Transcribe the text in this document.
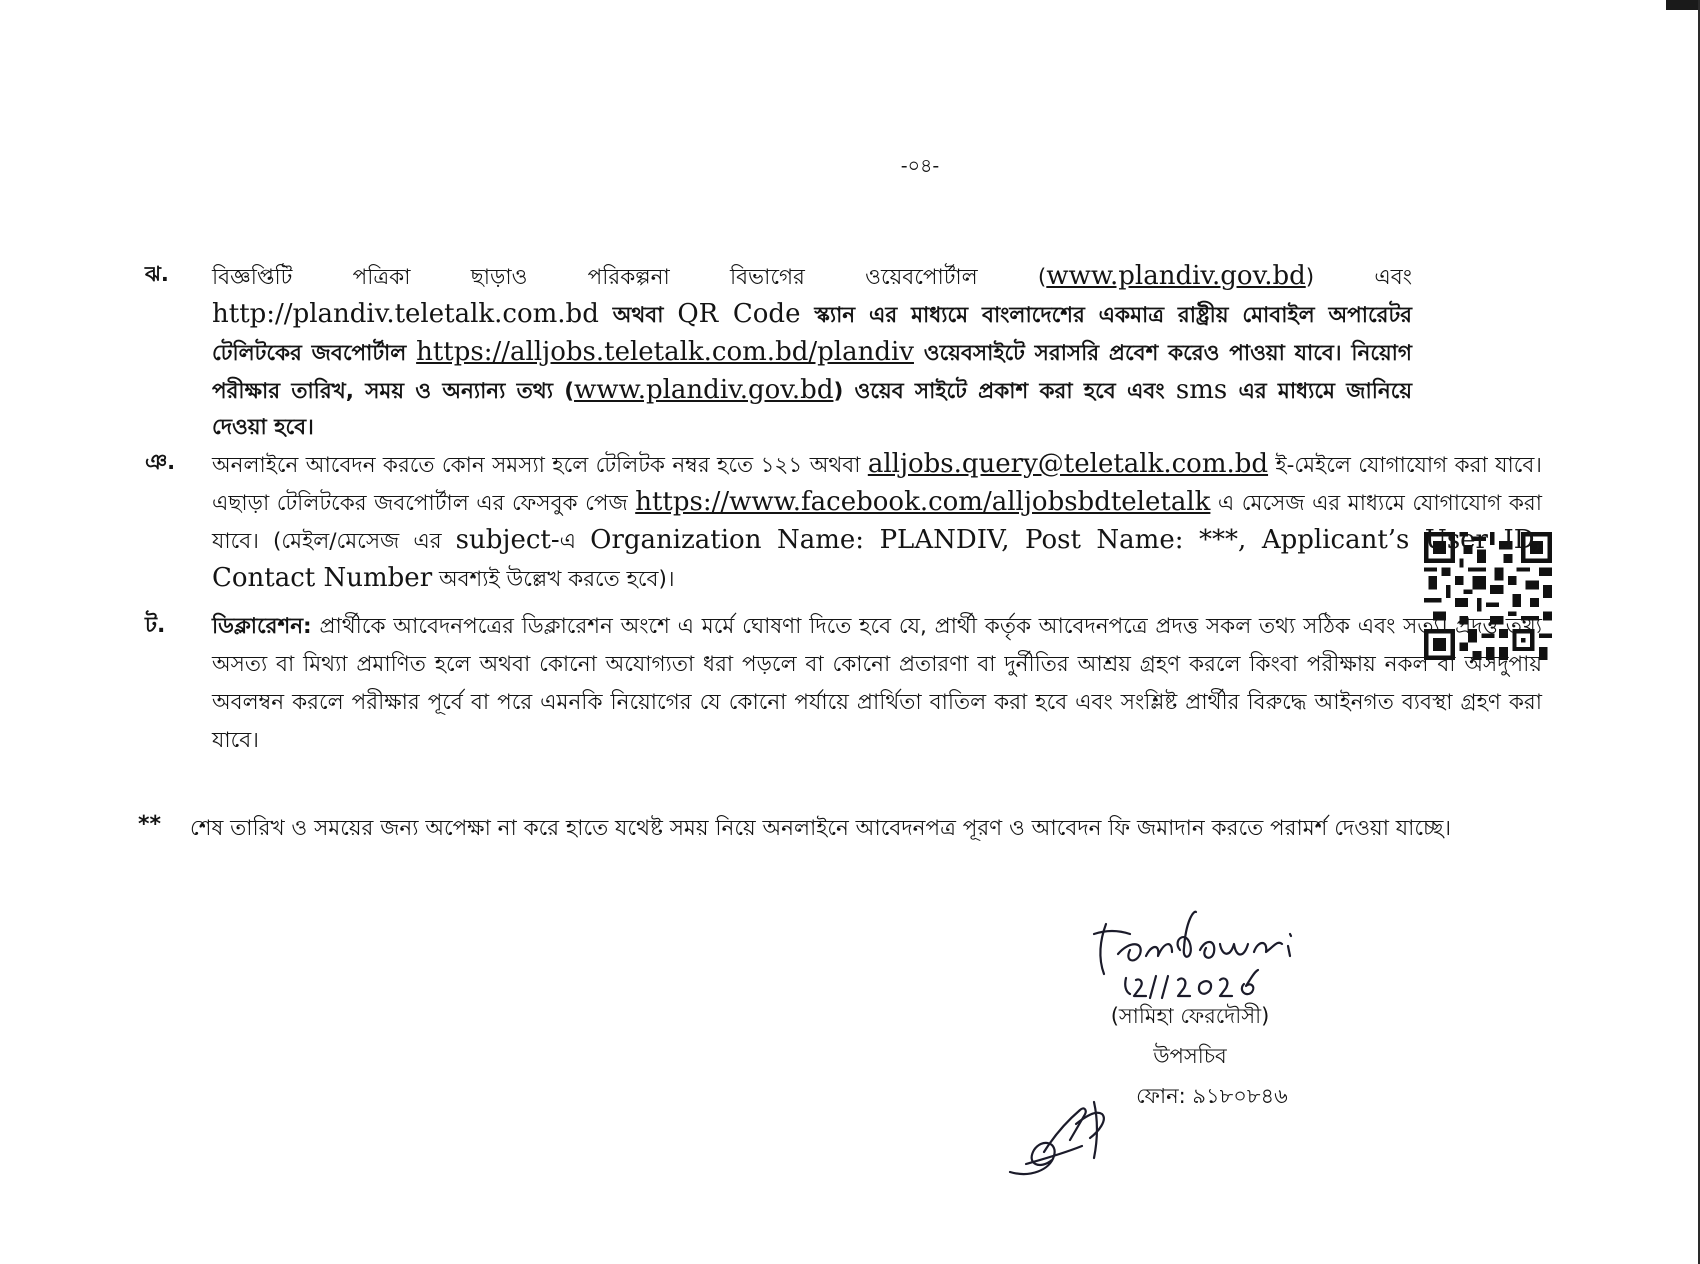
-০৪-
ঝ. বিজ্ঞপ্তিটি পত্রিকা ছাড়াও পরিকল্পনা বিভাগের ওয়েবপোর্টাল (www.plandiv.gov.bd) এবং http://plandiv.teletalk.com.bd অথবা QR Code স্ক্যান এর মাধ্যমে বাংলাদেশের একমাত্র রাষ্ট্রীয় মোবাইল অপারেটর টেলিটকের জবপোর্টাল https://alljobs.teletalk.com.bd/plandiv ওয়েবসাইটে সরাসরি প্রবেশ করেও পাওয়া যাবে। নিয়োগ পরীক্ষার তারিখ, সময় ও অন্যান্য তথ্য (www.plandiv.gov.bd) ওয়েব সাইটে প্রকাশ করা হবে এবং sms এর মাধ্যমে জানিয়ে দেওয়া হবে।
ঞ. অনলাইনে আবেদন করতে কোন সমস্যা হলে টেলিটক নম্বর হতে ১২১ অথবা alljobs.query@teletalk.com.bd ই-মেইলে যোগাযোগ করা যাবে। এছাড়া টেলিটকের জবপোর্টাল এর ফেসবুক পেজ https://www.facebook.com/alljobsbdteletalk এ মেসেজ এর মাধ্যমে যোগাযোগ করা যাবে। (মেইল/মেসেজ এর subject-এ Organization Name: PLANDIV, Post Name: ***, Applicant’s User ID, Contact Number অবশ্যই উল্লেখ করতে হবে)।
ট. ডিক্লারেশন: প্রার্থীকে আবেদনপত্রের ডিক্লারেশন অংশে এ মর্মে ঘোষণা দিতে হবে যে, প্রার্থী কর্তৃক আবেদনপত্রে প্রদত্ত সকল তথ্য সঠিক এবং সত্য। প্রদত্ত তথ্য অসত্য বা মিথ্যা প্রমাণিত হলে অথবা কোনো অযোগ্যতা ধরা পড়লে বা কোনো প্রতারণা বা দুর্নীতির আশ্রয় গ্রহণ করলে কিংবা পরীক্ষায় নকল বা অসদুপায় অবলম্বন করলে পরীক্ষার পূর্বে বা পরে এমনকি নিয়োগের যে কোনো পর্যায়ে প্রার্থিতা বাতিল করা হবে এবং সংশ্লিষ্ট প্রার্থীর বিরুদ্ধে আইনগত ব্যবস্থা গ্রহণ করা যাবে।
** শেষ তারিখ ও সময়ের জন্য অপেক্ষা না করে হাতে যথেষ্ট সময় নিয়ে অনলাইনে আবেদনপত্র পূরণ ও আবেদন ফি জমাদান করতে পরামর্শ দেওয়া যাচ্ছে।
(সামিহা ফেরদৌসী)
উপসচিব
ফোন: ৯১৮০৮৪৬
